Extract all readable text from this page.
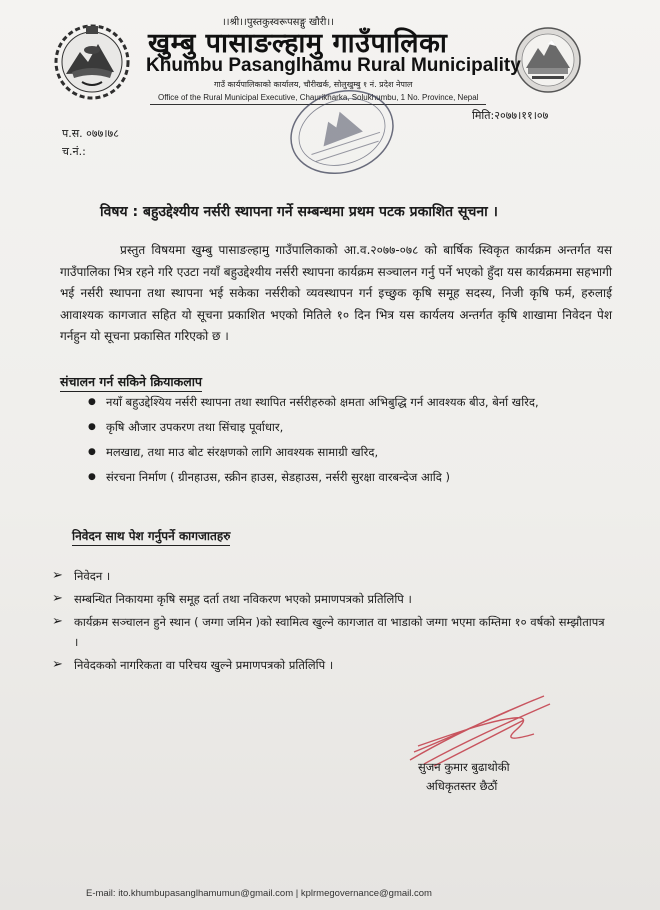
।।श्री।।पुस्तकुस्वरूपसङ्गु खौरी।।
खुम्बु पासाङल्हामु गाउँपालिका
Khumbu Pasanglhamu Rural Municipality
गाउँ कार्यपालिकाको कार्यालय, चौरीखर्क, सोलुखुम्बु १ नं. प्रदेश नेपाल
Office of the Rural Municipal Executive, Chaurikharka, Solukhumbu, 1 No. Province, Nepal
प.स. ०७७।७८
च.नं.:
मिति:२०७७।११।०७
विषय : बहुउद्देश्यीय नर्सरी स्थापना गर्ने सम्बन्धमा प्रथम पटक प्रकाशित सूचना ।

प्रस्तुत विषयमा खुम्बु पासाङल्हामु गाउँपालिकाको आ.व.२०७७-०७८ को बार्षिक स्विकृत कार्यक्रम अन्तर्गत यस गाउँपालिका भित्र रहने गरि एउटा नयाँ बहुउद्देश्यीय नर्सरी स्थापना कार्यक्रम सञ्चालन गर्नु पर्ने भएको हुँदा यस कार्यक्रममा सहभागी भई नर्सरी स्थापना तथा स्थापना भई सकेका नर्सरीको व्यवस्थापन गर्न इच्छुक कृषि समूह सदस्य, निजी कृषि फर्म, हरुलाई आवाश्यक कागजात सहित यो सूचना प्रकाशित भएको मितिले १० दिन भित्र यस कार्यलय अन्तर्गत कृषि शाखामा निवेदन पेश गर्नहुन यो सूचना प्रकासित गरिएको छ ।

संचालन गर्न सकिने क्रियाकलाप
● नयाँ बहुउद्देश्यिय नर्सरी स्थापना तथा स्थापित नर्सरीहरुको क्षमता अभिबुद्धि गर्न आवश्यक बीउ, बेर्ना खरिद,
● कृषि औजार उपकरण तथा सिंचाइ पूर्वाधार,
● मलखाद्य, तथा माउ बोट संरक्षणको लागि आवश्यक सामाग्री खरिद,
● संरचना निर्माण ( ग्रीनहाउस, स्क्रीन हाउस, सेडहाउस, नर्सरी सुरक्षा वारबन्देज आदि )
निवेदन साथ पेश गर्नुपर्ने कागजातहरु
➢ निवेदन ।
➢ सम्बन्धित निकायमा कृषि समूह दर्ता तथा नविकरण भएको प्रमाणपत्रको प्रतिलिपि ।
➢ कार्यक्रम सञ्चालन हुने स्थान ( जग्गा जमिन )को स्वामित्व खुल्ने कागजात वा भाडाको जग्गा भएमा कम्तिमा १० वर्षको सम्झौतापत्र ।
➢ निवेदकको नागरिकता वा परिचय खुल्ने प्रमाणपत्रको प्रतिलिपि ।
सुजन कुमार बुढाथोकी
अधिकृतस्तर छैठौं
E-mail: ito.khumbupasanglhamumun@gmail.com | kplrmegovernance@gmail.com
